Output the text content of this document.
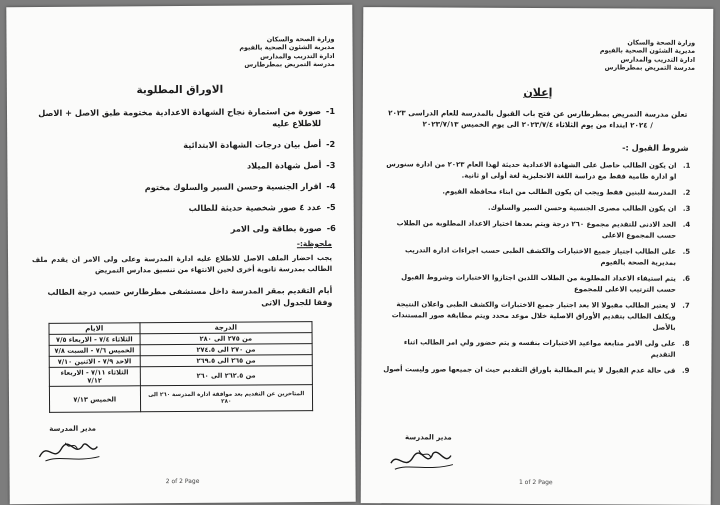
وزارة الصحة والسكان
مديرية الشئون الصحية بالفيوم
ادارة التدريب والمدارس
مدرسة التمريض بمطرطارس
الاوراق المطلوبة
1-
صورة من استمارة نجاح الشهادة الاعدادية مختومة طبق الاصل + الاصل للاطلاع عليه
2-
أصل بيان درجات الشهادة الابتدائية
3-
أصل شهادة الميلاد
4-
اقرار الجنسية وحسن السير والسلوك مختوم
5-
عدد ٤ صور شخصية حديثة للطالب
6-
صورة بطاقة ولى الامر
ملحوظة:-
يجب احضار الملف الاصل للاطلاع عليه ادارة المدرسة وعلى ولى الامر ان يقدم ملف الطالب بمدرسة ثانوية أخرى لحين الانتهاء من تنسيق مدارس التمريض
أيام التقديم بمقر المدرسة داخل مستشفى مطرطارس حسب درجة الطالب وفقا للجدول الاتى
الدرجة	الايام
من ٢٧٥ الى ٢٨٠	الثلاثاء ٧/٤ - الاربعاء ٧/٥
من ٢٧٠ الى ٢٧٤.٥	الخميس ٧/٦ - السبت ٧/٨
من ٢٦٥ الى ٢٦٩.٥	الاحد ٧/٩ - الاثنين ٧/١٠
من ٢٦٢.٥ الى ٢٦٠	الثلاثاء ٧/١١ - الاربعاء ٧/١٢
المتاخرين عن التقديم بعد موافقة ادارة المدرسة ٢٦٠ الى ٢٨٠	الخميس ٧/١٣
مدير المدرسة
2 of 2 Page
وزارة الصحة والسكان
مديرية الشئون الصحية بالفيوم
ادارة التدريب والمدارس
مدرسة التمريض بمطرطارس
إعلان
تعلن مدرسة التمريض بمطرطارس عن فتح باب القبول بالمدرسة للعام الدراسى ٢٠٢٣ / ٢٠٢٤ ابتداء من يوم الثلاثاء ٢٠٢٣/٧/٤ الى يوم الخميس ٢٠٢٣/٧/١٣
شروط القبول :-
1.
ان يكون الطالب حاصل على الشهادة الاعدادية حديثة لهذا العام ٢٠٢٣ من ادارة سنورس او ادارة طامية فقط مع دراسة اللغة الانجليزية لغة أولى او ثانية.
2.
المدرسة للبنين فقط ويجب ان يكون الطالب من ابناء محافظة الفيوم.
3.
ان يكون الطالب مصرى الجنسية وحسن السير والسلوك.
4.
الحد الادنى للتقديم مجموع ٢٦٠ درجة ويتم بعدها اختيار الاعداد المطلوبة من الطلاب حسب المجموع الاعلى
5.
على الطالب اجتياز جميع الاختبارات والكشف الطبى حسب اجراءات ادارة التدريب بمديرية الصحة بالفيوم
6.
يتم استيفاء الاعداد المطلوبة من الطلاب اللذين اجتازوا الاختبارات وشروط القبول حسب الترتيب الاعلى للمجموع
7.
لا يعتبر الطالب مقبولا الا بعد اجتياز جميع الاختبارات والكشف الطبى واعلان النتيجة ويكلف الطالب بتقديم الأوراق الاصلية خلال موعد محدد ويتم مطابقة صور المستندات بالأصل
8.
على ولى الامر متابعة مواعيد الاختبارات بنفسه و يتم حضور ولي امر الطالب اثناء التقديم
9.
فى حالة عدم القبول لا يتم المطالبة باوراق التقديم حيث ان جميعها صور وليست أصول
مدير المدرسة
1 of 2 Page
